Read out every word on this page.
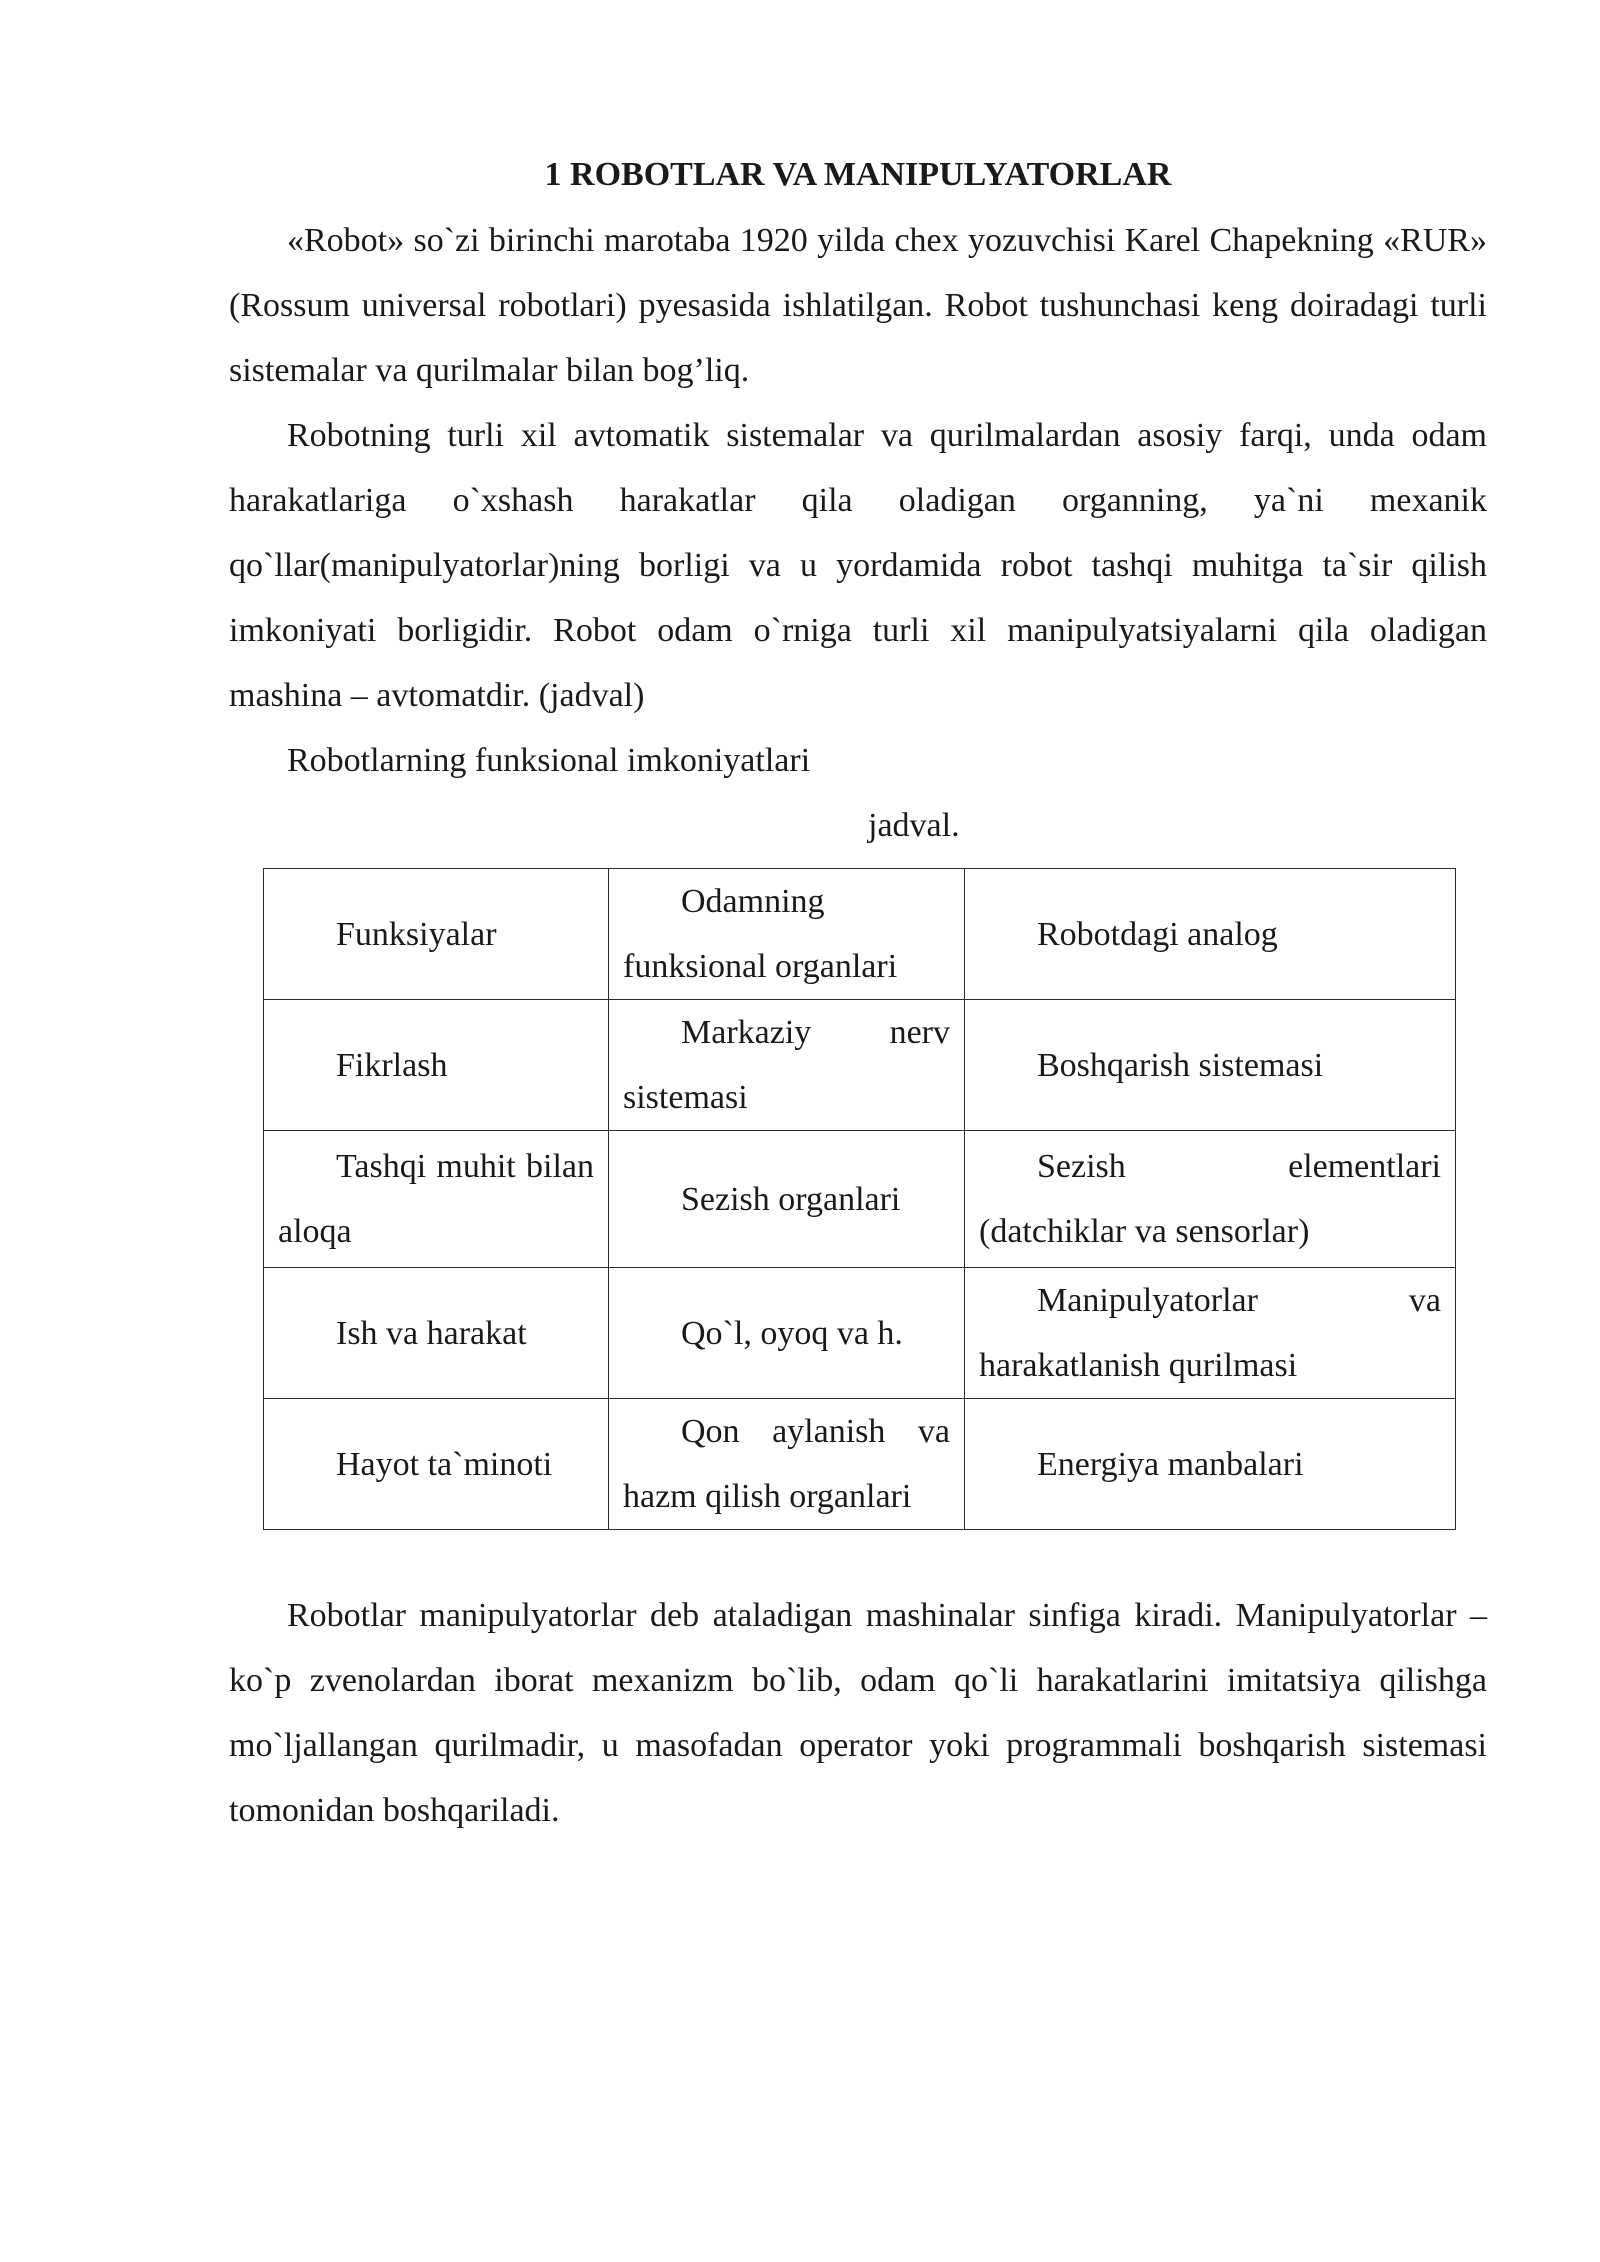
1 ROBOTLAR VA MANIPULYATORLAR

«Robot» so`zi birinchi marotaba 1920 yilda chex yozuvchisi Karel Chapekning «RUR» (Rossum universal robotlari) pyesasida ishlatilgan. Robot tushunchasi keng doiradagi turli sistemalar va qurilmalar bilan bog’liq.

Robotning turli xil avtomatik sistemalar va qurilmalardan asosiy farqi, unda odam harakatlariga o`xshash harakatlar qila oladigan organning, ya`ni mexanik qo`llar(manipulyatorlar)ning borligi va u yordamida robot tashqi muhitga ta`sir qilish imkoniyati borligidir. Robot odam o`rniga turli xil manipulyatsiyalarni qila oladigan mashina – avtomatdir. (jadval)

Robotlarning funksional imkoniyatlari
jadval.
Funksiyalar	Odamning funksional organlari	Robotdagi analog
Fikrlash	Markaziy nerv sistemasi	Boshqarish sistemasi
Tashqi muhit bilan aloqa	Sezish organlari	Sezish elementlari (datchiklar va sensorlar)
Ish va harakat	Qo`l, oyoq va h.	Manipulyatorlar va harakatlanish qurilmasi
Hayot ta`minoti	Qon aylanish va hazm qilish organlari	Energiya manbalari

Robotlar manipulyatorlar deb ataladigan mashinalar sinfiga kiradi. Manipulyatorlar – ko`p zvenolardan iborat mexanizm bo`lib, odam qo`li harakatlarini imitatsiya qilishga mo`ljallangan qurilmadir, u masofadan operator yoki programmali boshqarish sistemasi tomonidan boshqariladi.
